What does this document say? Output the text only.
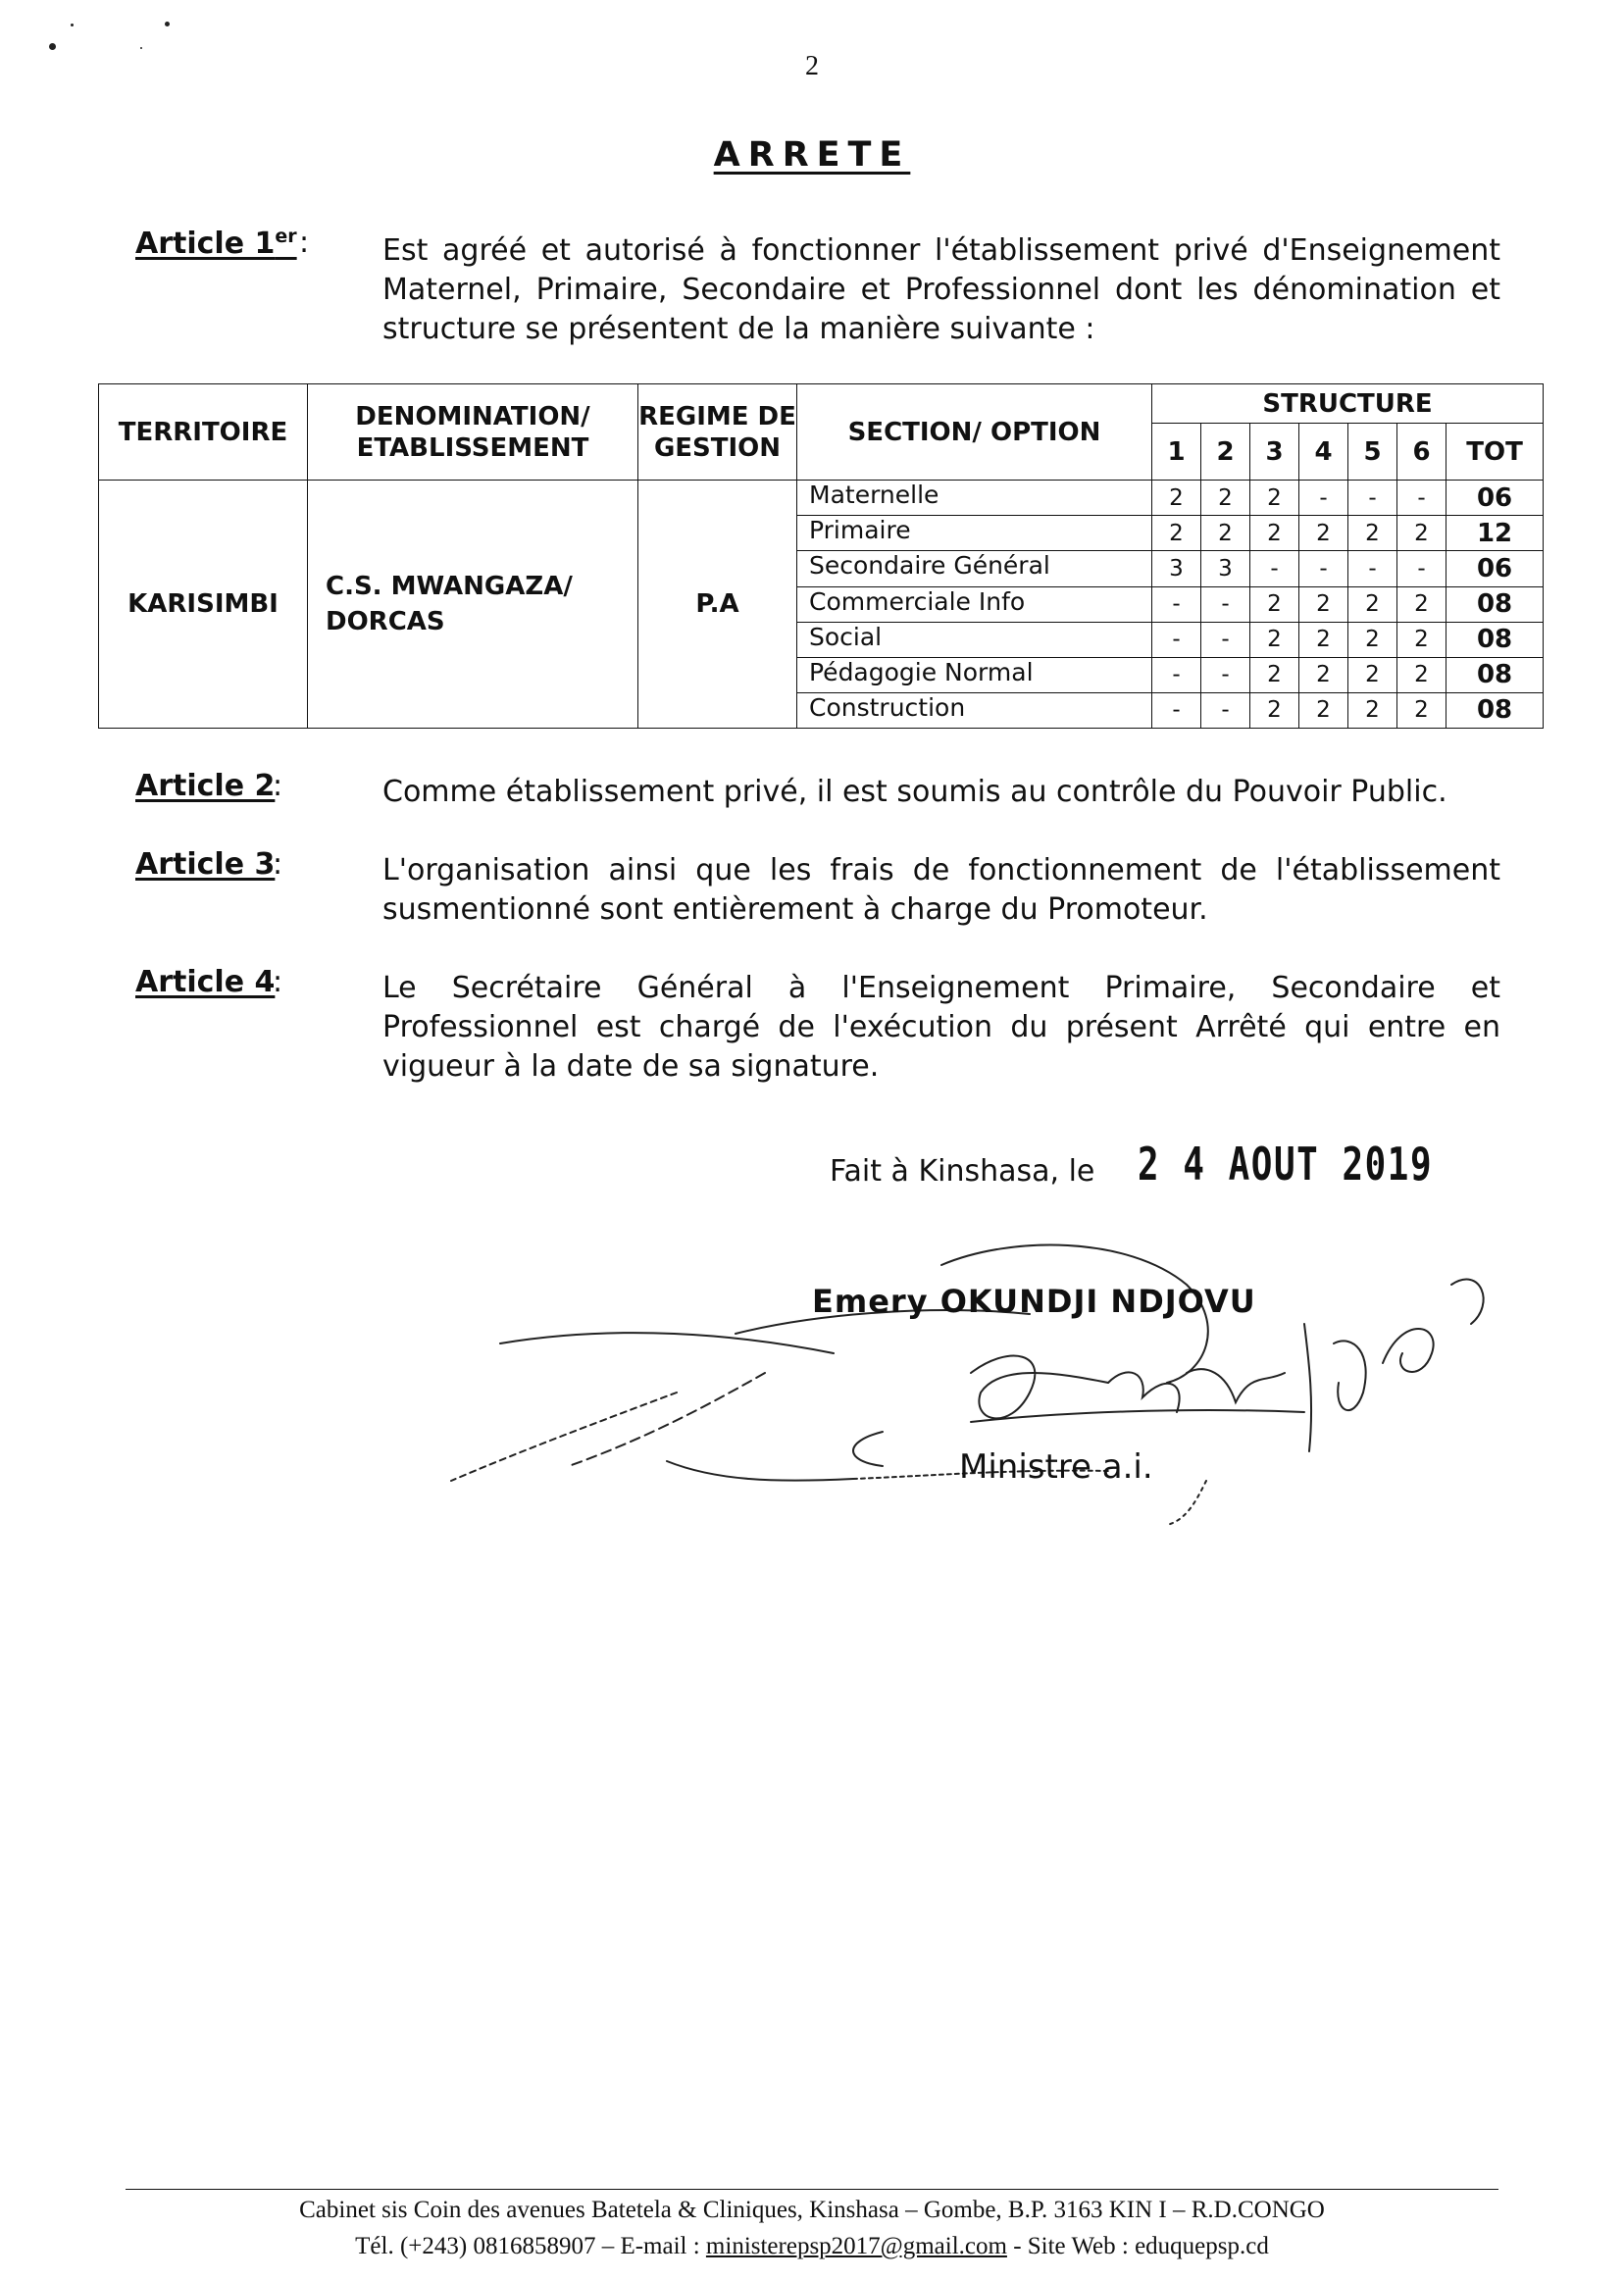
2
ARRETE
Article 1er : Est agréé et autorisé à fonctionner l'établissement privé d'Enseignement Maternel, Primaire, Secondaire et Professionnel dont les dénomination et structure se présentent de la manière suivante :
TERRITOIRE	DENOMINATION/ ETABLISSEMENT	REGIME DE GESTION	SECTION/ OPTION	STRUCTURE						
				1	2	3	4	5	6	TOT
KARISIMBI	C.S. MWANGAZA/ DORCAS	P.A	Maternelle	2	2	2	-	-	-	06
			Primaire	2	2	2	2	2	2	12
			Secondaire Général	3	3	-	-	-	-	06
			Commerciale Info	-	-	2	2	2	2	08
			Social	-	-	2	2	2	2	08
			Pédagogie Normal	-	-	2	2	2	2	08
			Construction	-	-	2	2	2	2	08
Article 2
:	Comme établissement privé, il est soumis au contrôle du Pouvoir Public.
Article 3
:	L'organisation ainsi que les frais de fonctionnement de l'établissement susmentionné sont entièrement à charge du Promoteur.
Article 4
:	Le Secrétaire Général à l'Enseignement Primaire, Secondaire et Professionnel est chargé de l'exécution du présent Arrêté qui entre en vigueur à la date de sa signature.
Fait à Kinshasa, le 2 4 AOUT 2019
Emery OKUNDJI NDJOVU
Ministre a.i.
Cabinet sis Coin des avenues Batetela & Cliniques, Kinshasa – Gombe, B.P. 3163 KIN I – R.D.CONGO
Tél. (+243) 0816858907 – E-mail : ministerepsp2017@gmail.com - Site Web : eduquepsp.cd
